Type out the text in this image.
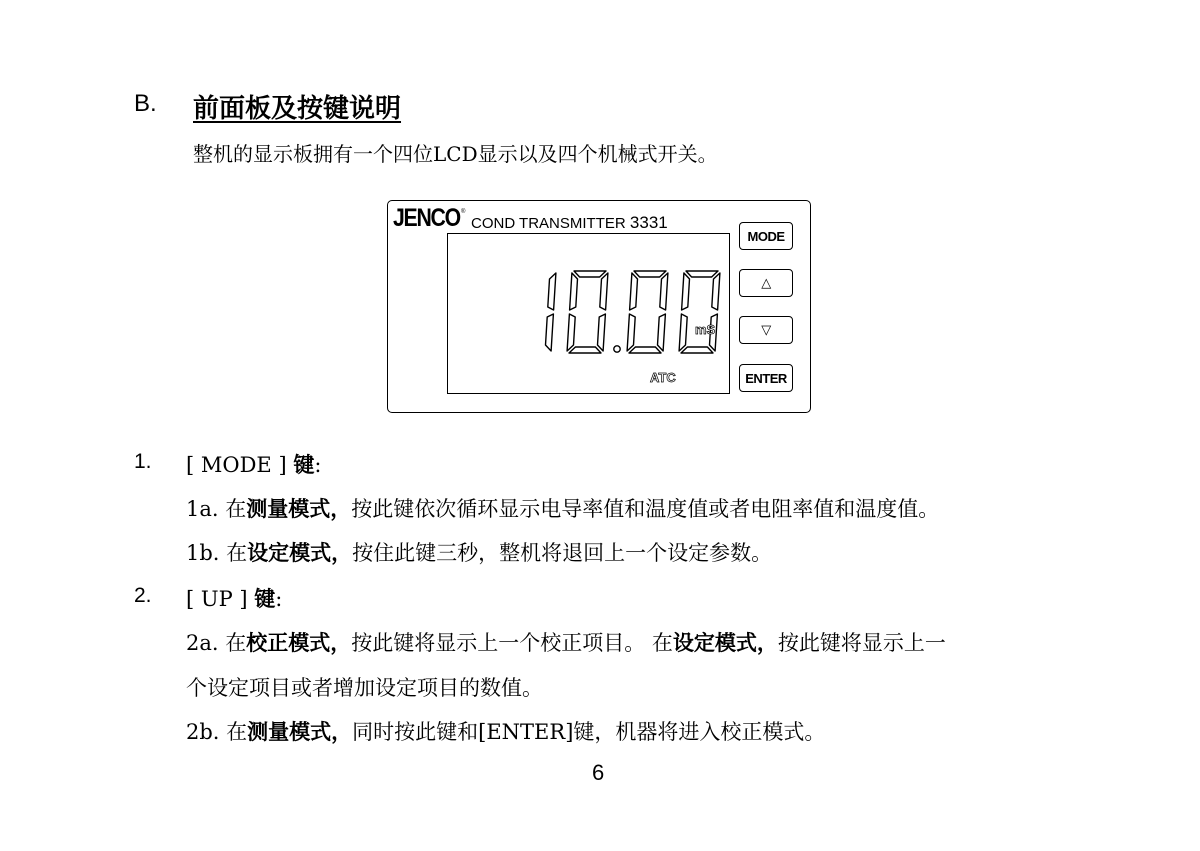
B. 前面板及按键说明
整机的显示板拥有一个四位LCD显示以及四个机械式开关。
JENCO ®
COND TRANSMITTER 3331
mS
ATC
MODE
△
▽
ENTER
1. [ MODE ] 键:
1a. 在测量模式，按此键依次循环显示电导率值和温度值或者电阻率值和温度值。
1b. 在设定模式，按住此键三秒，整机将退回上一个设定参数。
2. [ UP ] 键:
2a. 在校正模式，按此键将显示上一个校正项目。 在设定模式，按此键将显示上一
个设定项目或者增加设定项目的数值。
2b. 在测量模式，同时按此键和[ENTER]键，机器将进入校正模式。
6
